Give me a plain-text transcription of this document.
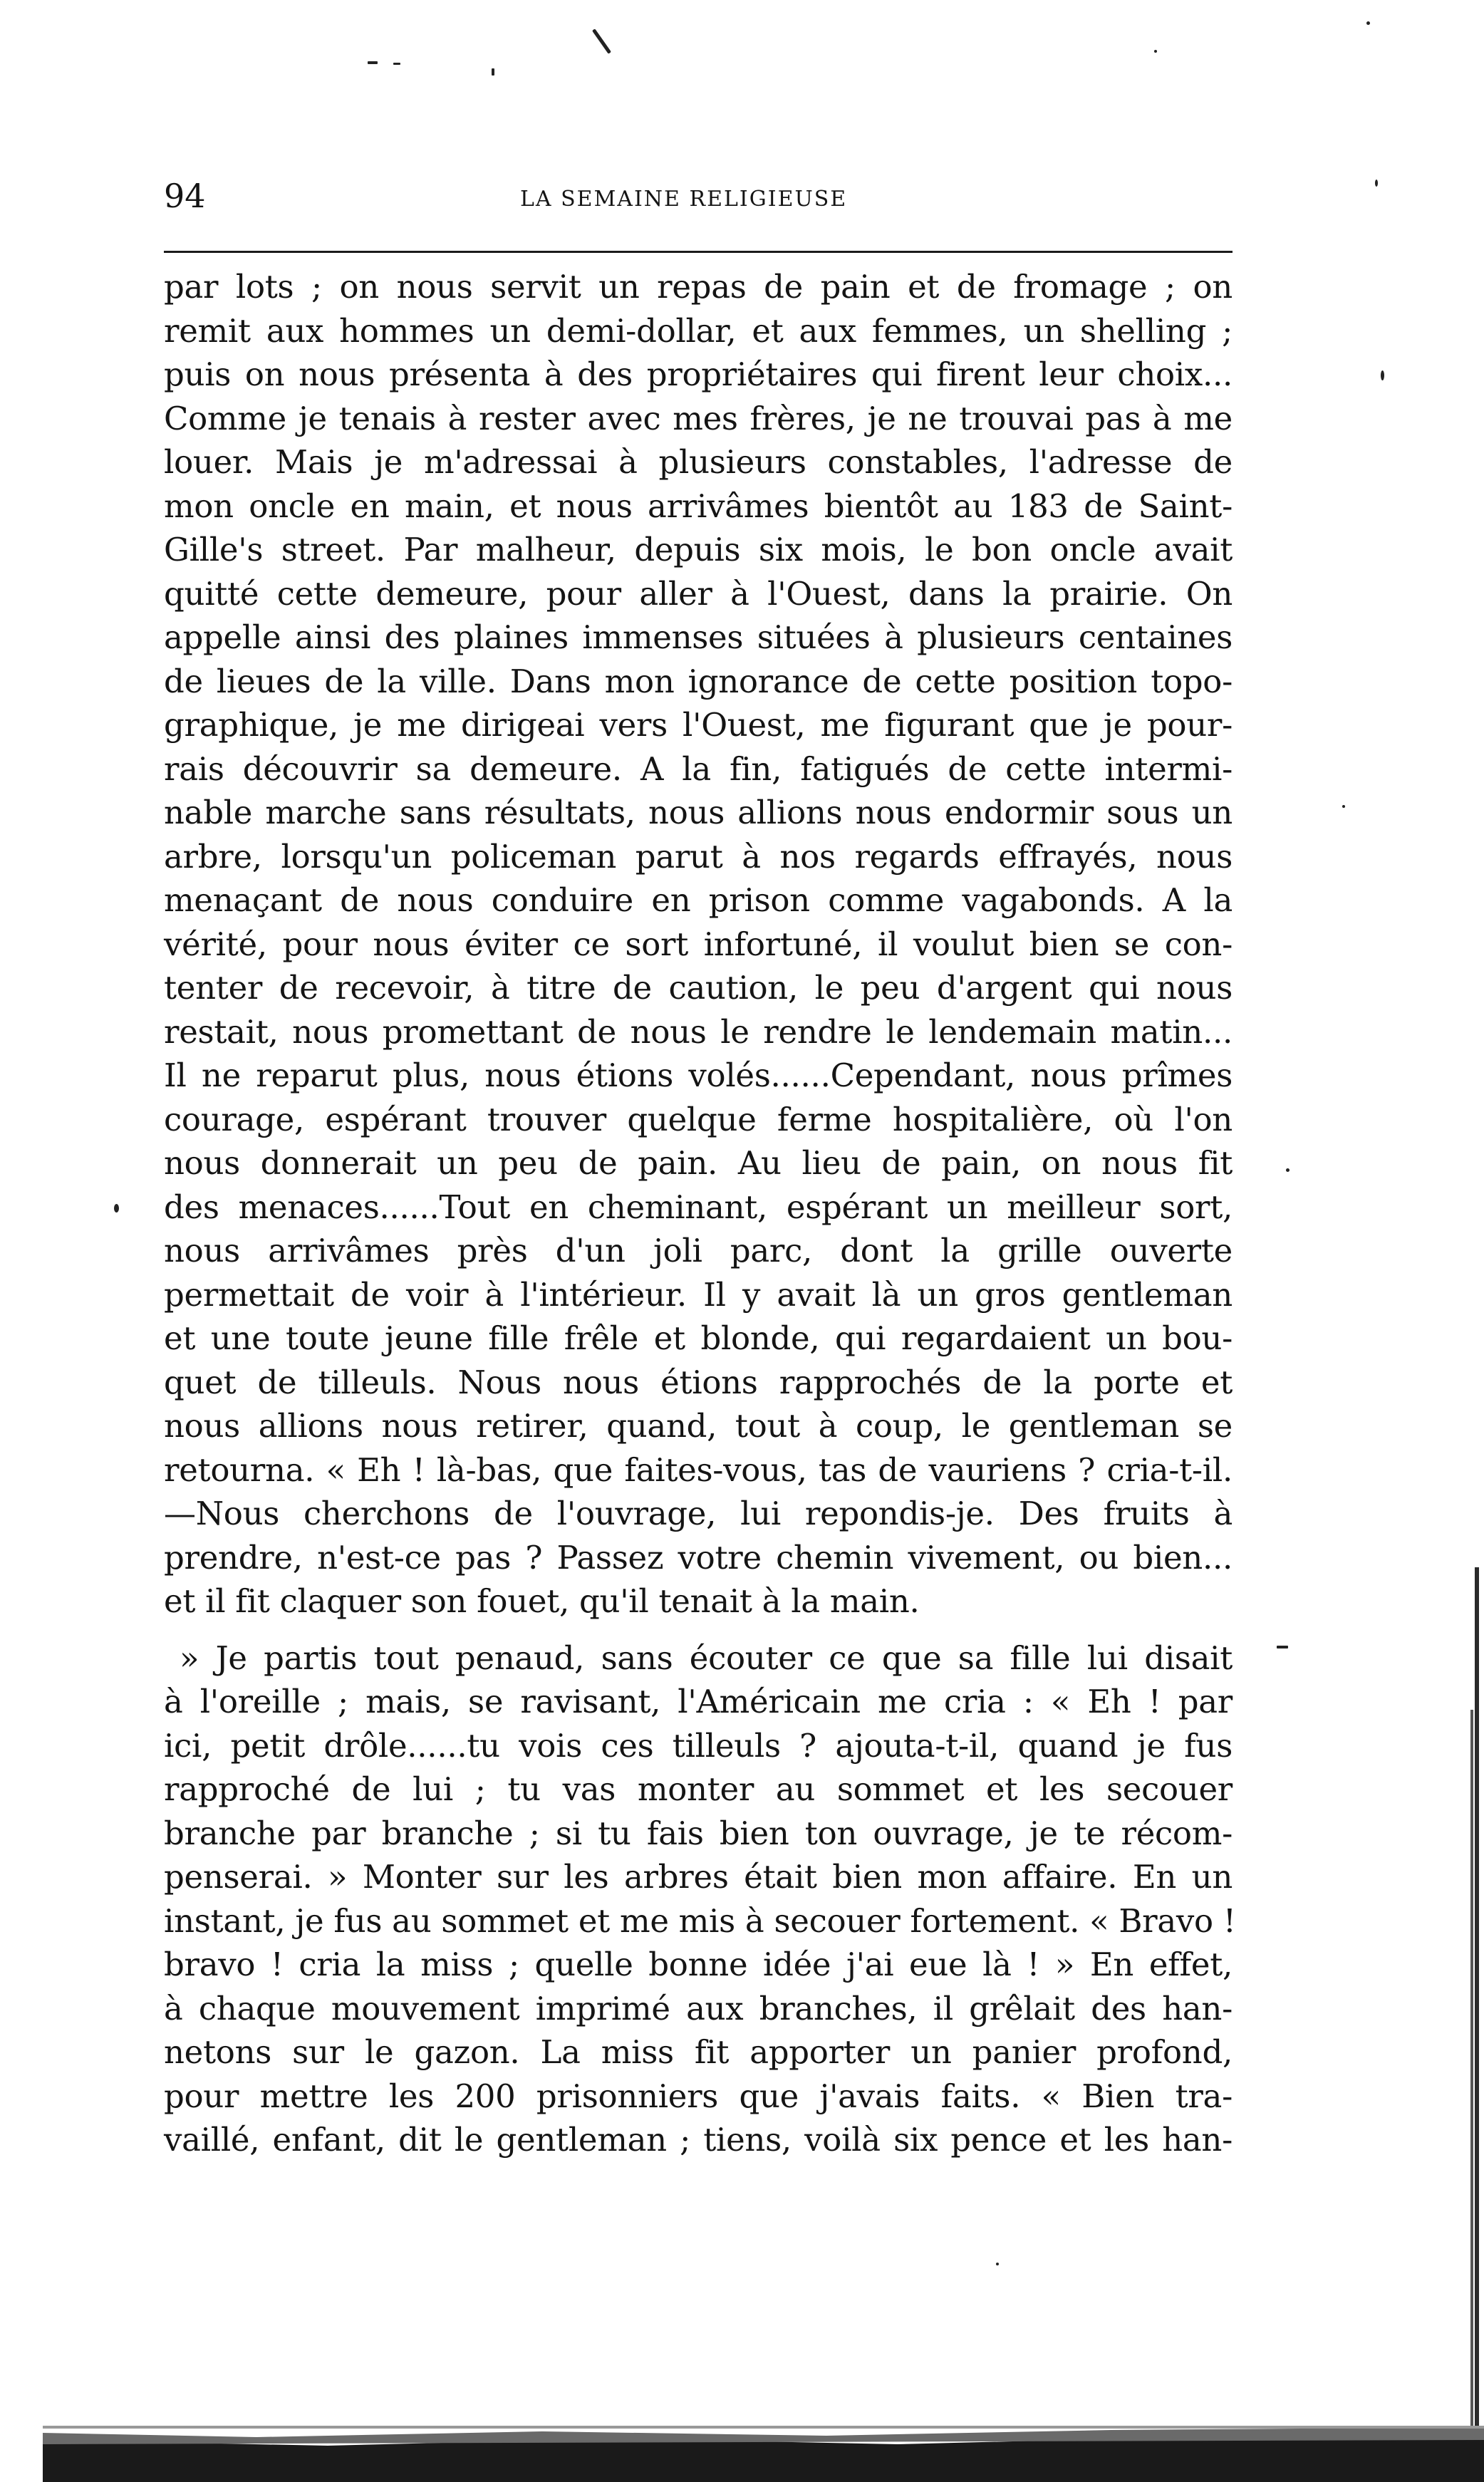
94	LA SEMAINE RELIGIEUSE
par lots ; on nous servit un repas de pain et de fromage ; on
remit aux hommes un demi-dollar, et aux femmes, un shelling ;
puis on nous présenta à des propriétaires qui firent leur choix...
Comme je tenais à rester avec mes frères, je ne trouvai pas à me
louer. Mais je m'adressai à plusieurs constables, l'adresse de
mon oncle en main, et nous arrivâmes bientôt au 183 de Saint-
Gille's street. Par malheur, depuis six mois, le bon oncle avait
quitté cette demeure, pour aller à l'Ouest, dans la prairie. On
appelle ainsi des plaines immenses situées à plusieurs centaines
de lieues de la ville. Dans mon ignorance de cette position topo-
graphique, je me dirigeai vers l'Ouest, me figurant que je pour-
rais découvrir sa demeure. A la fin, fatigués de cette intermi-
nable marche sans résultats, nous allions nous endormir sous un
arbre, lorsqu'un policeman parut à nos regards effrayés, nous
menaçant de nous conduire en prison comme vagabonds. A la
vérité, pour nous éviter ce sort infortuné, il voulut bien se con-
tenter de recevoir, à titre de caution, le peu d'argent qui nous
restait, nous promettant de nous le rendre le lendemain matin...
Il ne reparut plus, nous étions volés......Cependant, nous prîmes
courage, espérant trouver quelque ferme hospitalière, où l'on
nous donnerait un peu de pain. Au lieu de pain, on nous fit
des menaces......Tout en cheminant, espérant un meilleur sort,
nous arrivâmes près d'un joli parc, dont la grille ouverte
permettait de voir à l'intérieur. Il y avait là un gros gentleman
et une toute jeune fille frêle et blonde, qui regardaient un bou-
quet de tilleuls. Nous nous étions rapprochés de la porte et
nous allions nous retirer, quand, tout à coup, le gentleman se
retourna. « Eh ! là-bas, que faites-vous, tas de vauriens ? cria-t-il.
—Nous cherchons de l'ouvrage, lui repondis-je. Des fruits à
prendre, n'est-ce pas ? Passez votre chemin vivement, ou bien...
et il fit claquer son fouet, qu'il tenait à la main.
» Je partis tout penaud, sans écouter ce que sa fille lui disait
à l'oreille ; mais, se ravisant, l'Américain me cria : « Eh ! par
ici, petit drôle......tu vois ces tilleuls ? ajouta-t-il, quand je fus
rapproché de lui ; tu vas monter au sommet et les secouer
branche par branche ; si tu fais bien ton ouvrage, je te récom-
penserai. » Monter sur les arbres était bien mon affaire. En un
instant, je fus au sommet et me mis à secouer fortement. « Bravo !
bravo ! cria la miss ; quelle bonne idée j'ai eue là ! » En effet,
à chaque mouvement imprimé aux branches, il grêlait des han-
netons sur le gazon. La miss fit apporter un panier profond,
pour mettre les 200 prisonniers que j'avais faits. « Bien tra-
vaillé, enfant, dit le gentleman ; tiens, voilà six pence et les han-
